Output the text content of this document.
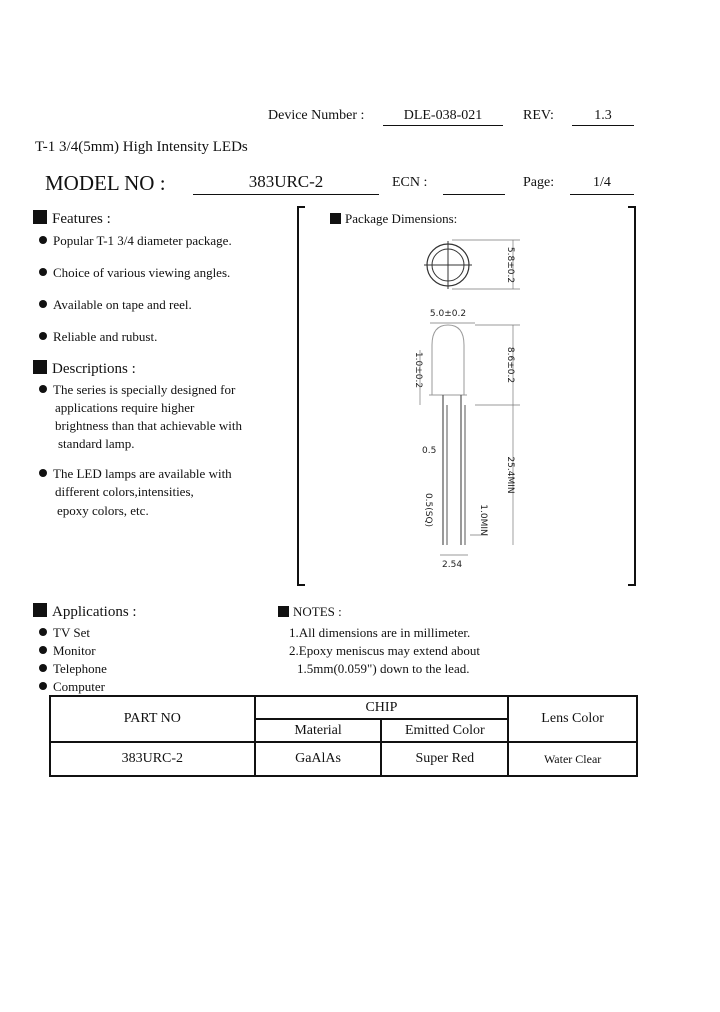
Device Number :	DLE-038-021	REV:	1.3
T-1 3/4(5mm) High Intensity LEDs
MODEL NO :	383URC-2	ECN :	Page:	1/4
Features :
Popular T-1 3/4 diameter package.
Choice of various viewing angles.
Available on tape and reel.
Reliable and rubust.
Descriptions :
The series is specially designed for
applications require higher
brightness than that achievable with
standard lamp.
The LED lamps are available with
different colors,intensities,
epoxy colors, etc.
Package Dimensions:
5.8±0.2
5.0±0.2
8.6±0.2
1.0±0.2
0.5
25.4MIN
0.5(SQ)	1.0MIN
2.54
Applications :
TV Set
Monitor
Telephone
Computer
NOTES :
1.All dimensions are in millimeter.
2.Epoxy meniscus may extend about
1.5mm(0.059") down to the lead.
PART NO	CHIP		Lens Color
	Material	Emitted Color	
383URC-2	GaAlAs	Super Red	Water Clear
